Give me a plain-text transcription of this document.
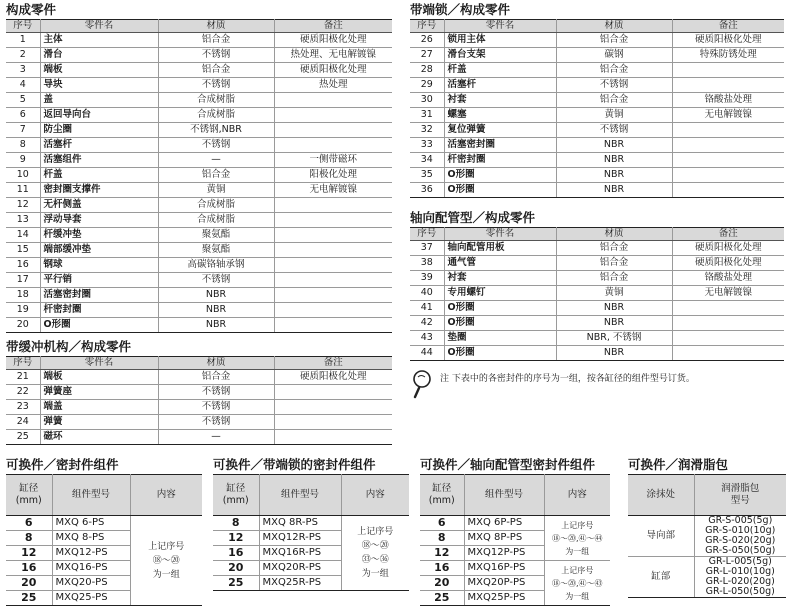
构成零件
序号	零件名	材质	备注
1	主体	铝合金	硬质阳极化处理
2	滑台	不锈钢	热处理、无电解镀镍
3	端板	铝合金	硬质阳极化处理
4	导块	不锈钢	热处理
5	盖	合成树脂	
6	返回导向台	合成树脂	
7	防尘圈	不锈钢,NBR	
8	活塞杆	不锈钢	
9	活塞组件	—	一侧带磁环
10	杆盖	铝合金	阳极化处理
11	密封圈支撑件	黄铜	无电解镀镍
12	无杆侧盖	合成树脂	
13	浮动导套	合成树脂	
14	杆缓冲垫	聚氨酯	
15	端部缓冲垫	聚氨酯	
16	钢球	高碳铬轴承钢	
17	平行销	不锈钢	
18	活塞密封圈	NBR	
19	杆密封圈	NBR	
20	O形圈	NBR	
带缓冲机构／构成零件
序号	零件名	材质	备注
21	端板	铝合金	硬质阳极化处理
22	弹簧座	不锈钢	
23	端盖	不锈钢	
24	弹簧	不锈钢	
25	磁环	—	
带端锁／构成零件
序号	零件名	材质	备注
26	锁用主体	铝合金	硬质阳极化处理
27	滑台支架	碳钢	特殊防锈处理
28	杆盖	铝合金	
29	活塞杆	不锈钢	
30	衬套	铝合金	铬酸盐处理
31	螺塞	黄铜	无电解镀镍
32	复位弹簧	不锈钢	
33	活塞密封圈	NBR	
34	杆密封圈	NBR	
35	O形圈	NBR	
36	O形圈	NBR	
轴向配管型／构成零件
序号	零件名	材质	备注
37	轴向配管用板	铝合金	硬质阳极化处理
38	通气管	铝合金	硬质阳极化处理
39	衬套	铝合金	铬酸盐处理
40	专用螺钉	黄铜	无电解镀镍
41	O形圈	NBR	
42	O形圈	NBR	
43	垫圈	NBR, 不锈钢	
44	O形圈	NBR	
注 下表中的各密封件的序号为一组，按各缸径的组件型号订货。
可换件／密封件组件
缸径
(mm)	组件型号	内容
6	MXQ 6-PS	上记序号
⑱～⑳
为一组

8	MXQ 8-PS	
12	MXQ12-PS	
16	MXQ16-PS	
20	MXQ20-PS	
25	MXQ25-PS	
可换件／带端锁的密封件组件
缸径
(mm)	组件型号	内容
8	MXQ 8R-PS	上记序号
⑱～⑳
㉝～㊱
为一组

12	MXQ12R-PS	
16	MXQ16R-PS	
20	MXQ20R-PS	
25	MXQ25R-PS	
可换件／轴向配管型密封件组件
缸径
(mm)	组件型号	内容
6	MXQ 6P-PS	上记序号
⑱～⑳,㊶～㊹
为一组

8	MXQ 8P-PS	
12	MXQ12P-PS	
16	MXQ16P-PS	上记序号
⑱～⑳,㊶～㊸
为一组

20	MXQ20P-PS	
25	MXQ25P-PS	
可换件／润滑脂包
涂抹处	润滑脂包
型号

导向部	GR-S-005(5g)
	GR-S-010(10g)
	GR-S-020(20g)
	GR-S-050(50g)
缸部	GR-L-005(5g)
	GR-L-010(10g)
	GR-L-020(20g)
	GR-L-050(50g)
